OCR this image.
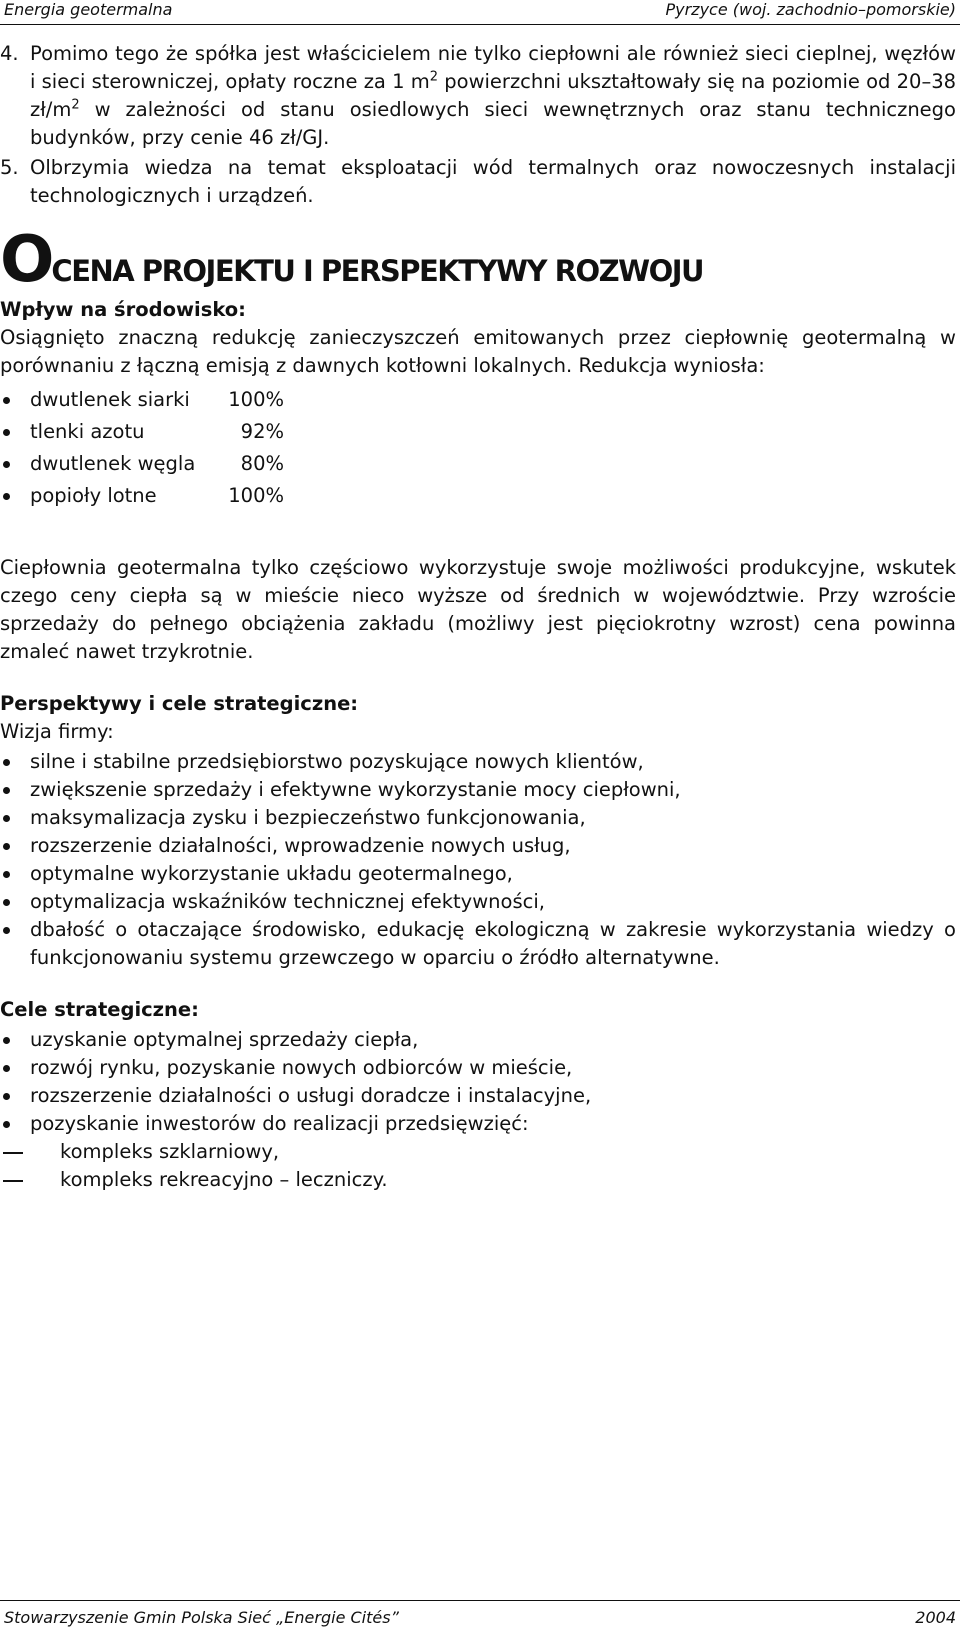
Energia geotermalna	Pyrzyce (woj. zachodnio–pomorskie)
4. Pomimo tego że spółka jest właścicielem nie tylko ciepłowni ale również sieci cieplnej, węzłów i sieci sterowniczej, opłaty roczne za 1 $m^2$ powierzchni ukształtowały się na poziomie od 20–38 $zł/m^2$ w zależności od stanu osiedlowych sieci wewnętrznych oraz stanu technicznego budynków, przy cenie 46 zł/GJ.
5. Olbrzymia wiedza na temat eksploatacji wód termalnych oraz nowoczesnych instalacji technologicznych i urządzeń.
OCENA PROJEKTU I PERSPEKTYWY ROZWOJU
Wpływ na środowisko:

Osiągnięto znaczną redukcję zanieczyszczeń emitowanych przez ciepłownię geotermalną w porównaniu z łączną emisją z dawnych kotłowni lokalnych. Redukcja wyniosła:

dwutlenek siarki 100%
tlenki azotu	92%
dwutlenek węgla 80%
popioły lotne	100%

Ciepłownia geotermalna tylko częściowo wykorzystuje swoje możliwości produkcyjne, wskutek czego ceny ciepła są w mieście nieco wyższe od średnich w województwie. Przy wzroście sprzedaży do pełnego obciążenia zakładu (możliwy jest pięciokrotny wzrost) cena powinna zmaleć nawet trzykrotnie.

Perspektywy i cele strategiczne:
Wizja firmy:
silne i stabilne przedsiębiorstwo pozyskujące nowych klientów,
zwiększenie sprzedaży i efektywne wykorzystanie mocy ciepłowni,
maksymalizacja zysku i bezpieczeństwo funkcjonowania,
rozszerzenie działalności, wprowadzenie nowych usług,
optymalne wykorzystanie układu geotermalnego,
optymalizacja wskaźników technicznej efektywności,
dbałość o otaczające środowisko, edukację ekologiczną w zakresie wykorzystania wiedzy o funkcjonowaniu systemu grzewczego w oparciu o źródło alternatywne.
Cele strategiczne:
uzyskanie optymalnej sprzedaży ciepła,
rozwój rynku, pozyskanie nowych odbiorców w mieście,
rozszerzenie działalności o usługi doradcze i instalacyjne,
pozyskanie inwestorów do realizacji przedsięwzięć:
kompleks szklarniowy,
kompleks rekreacyjno – leczniczy.
Stowarzyszenie Gmin Polska Sieć „Energie Cités”	2004
